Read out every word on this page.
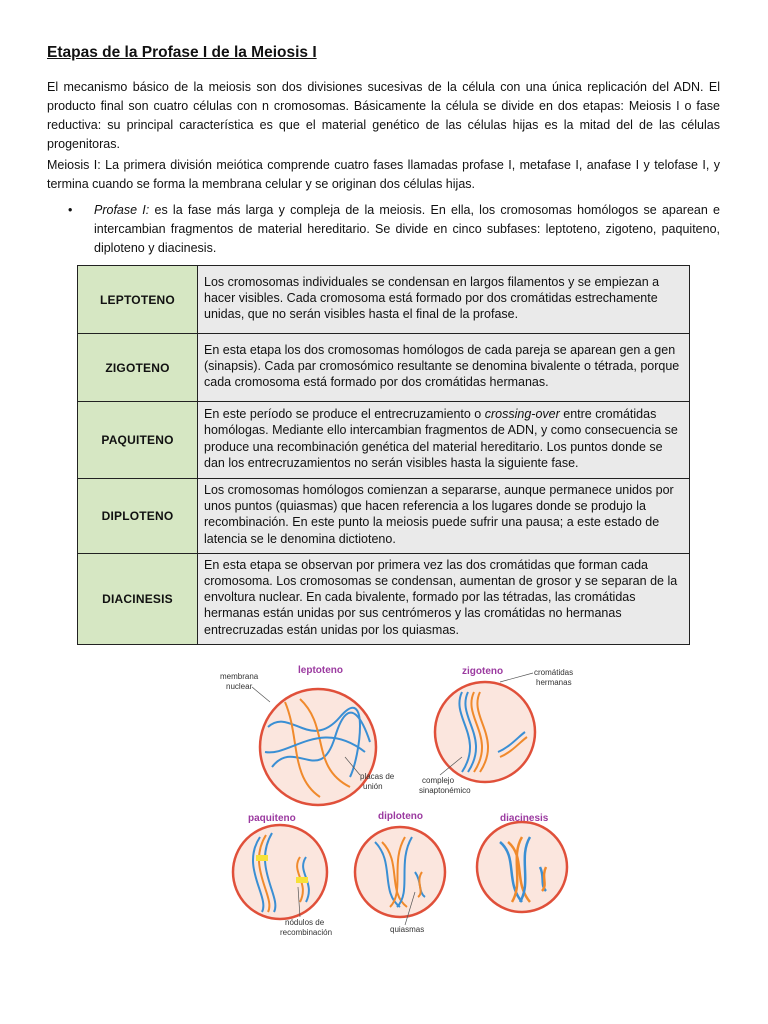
Etapas de la Profase I de la Meiosis I

El mecanismo básico de la meiosis son dos divisiones sucesivas de la célula con una única replicación del ADN. El producto final son cuatro células con n cromosomas. Básicamente la célula se divide en dos etapas: Meiosis I o fase reductiva: su principal característica es que el material genético de las células hijas es la mitad del de las células progenitoras.

Meiosis I: La primera división meiótica comprende cuatro fases llamadas profase I, metafase I, anafase I y telofase I, y termina cuando se forma la membrana celular y se originan dos células hijas.

• Profase I: es la fase más larga y compleja de la meiosis. En ella, los cromosomas homólogos se aparean e intercambian fragmentos de material hereditario. Se divide en cinco subfases: leptoteno, zigoteno, paquiteno, diploteno y diacinesis.

LEPTOTENO	Los cromosomas individuales se condensan en largos filamentos y se empiezan a hacer visibles. Cada cromosoma está formado por dos cromátidas estrechamente unidas, que no serán visibles hasta el final de la profase.
ZIGOTENO	En esta etapa los dos cromosomas homólogos de cada pareja se aparean gen a gen (sinapsis). Cada par cromosómico resultante se denomina bivalente o tétrada, porque cada cromosoma está formado por dos cromátidas hermanas.
PAQUITENO	En este período se produce el entrecruzamiento o crossing-over entre cromátidas homólogas. Mediante ello intercambian fragmentos de ADN, y como consecuencia se produce una recombinación genética del material hereditario. Los puntos donde se dan los entrecruzamientos no serán visibles hasta la siguiente fase.
DIPLOTENO	Los cromosomas homólogos comienzan a separarse, aunque permanece unidos por unos puntos (quiasmas) que hacen referencia a los lugares donde se produjo la recombinación. En este punto la meiosis puede sufrir una pausa; a este estado de latencia se le denomina dictioteno.
DIACINESIS	En esta etapa se observan por primera vez las dos cromátidas que forman cada cromosoma. Los cromosomas se condensan, aumentan de grosor y se separan de la envoltura nuclear. En cada bivalente, formado por las tétradas, las cromátidas hermanas están unidas por sus centrómeros y las cromátidas no hermanas entrecruzadas están unidas por los quiasmas.
leptoteno	zigoteno
paquiteno	diploteno	diacinesis
membrana
nuclear
cromátidas
hermanas
placas de
unión
complejo
sinaptonémico
nódulos de
recombinación	quiasmas
